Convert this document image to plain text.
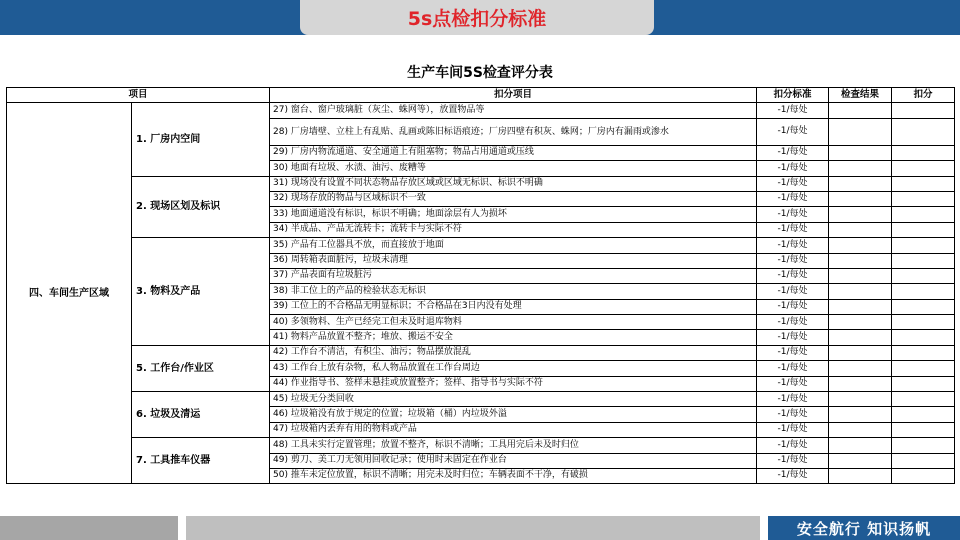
5s点检扣分标准
生产车间5S检查评分表
项目		扣分项目	扣分标准	检查结果	扣分
四、车间生产区域	1. 厂房内空间	27) 窗台、窗户玻璃脏（灰尘、蛛网等），放置物品等	-1/每处		
		28) 厂房墙壁、立柱上有乱贴、乱画或陈旧标语痕迹；厂房四壁有积灰、蛛网；厂房内有漏雨或渗水	-1/每处		
		29) 厂房内物流通道、安全通道上有阻塞物；物品占用通道或压线	-1/每处		
		30) 地面有垃圾、水渍、油污、废糟等	-1/每处		
	2. 现场区划及标识	31) 现场没有设置不同状态物品存放区域或区域无标识、标识不明确	-1/每处		
		32) 现场存放的物品与区域标识不一致	-1/每处		
		33) 地面通道没有标识，标识不明确；地面涂层有人为损坏	-1/每处		
		34) 半成品、产品无流转卡；流转卡与实际不符	-1/每处		
	3. 物料及产品	35) 产品有工位器具不放，而直接放于地面	-1/每处		
		36) 周转箱表面脏污，垃圾未清理	-1/每处		
		37) 产品表面有垃圾脏污	-1/每处		
		38) 非工位上的产品的检验状态无标识	-1/每处		
		39) 工位上的不合格品无明显标识；不合格品在3日内没有处理	-1/每处		
		40) 多领物料、生产已经完工但未及时退库物料	-1/每处		
		41) 物料产品放置不整齐；堆放、搬运不安全	-1/每处		
	5. 工作台/作业区	42) 工作台不清洁，有积尘、油污；物品摆放混乱	-1/每处		
		43) 工作台上放有杂物，私人物品放置在工作台周边	-1/每处		
		44) 作业指导书、签样未悬挂或放置整齐；签样、指导书与实际不符	-1/每处		
	6. 垃圾及清运	45) 垃圾无分类回收	-1/每处		
		46) 垃圾箱没有放于规定的位置；垃圾箱（桶）内垃圾外溢	-1/每处		
		47) 垃圾箱内丢弃有用的物料或产品	-1/每处		
	7. 工具推车仪器	48) 工具未实行定置管理；放置不整齐，标识不清晰；工具用完后未及时归位	-1/每处		
		49) 剪刀、美工刀无领用回收记录；使用时未固定在作业台	-1/每处		
		50) 推车未定位放置，标识不清晰；用完未及时归位；车辆表面不干净，有破损	-1/每处		
安全航行 知识扬帆
